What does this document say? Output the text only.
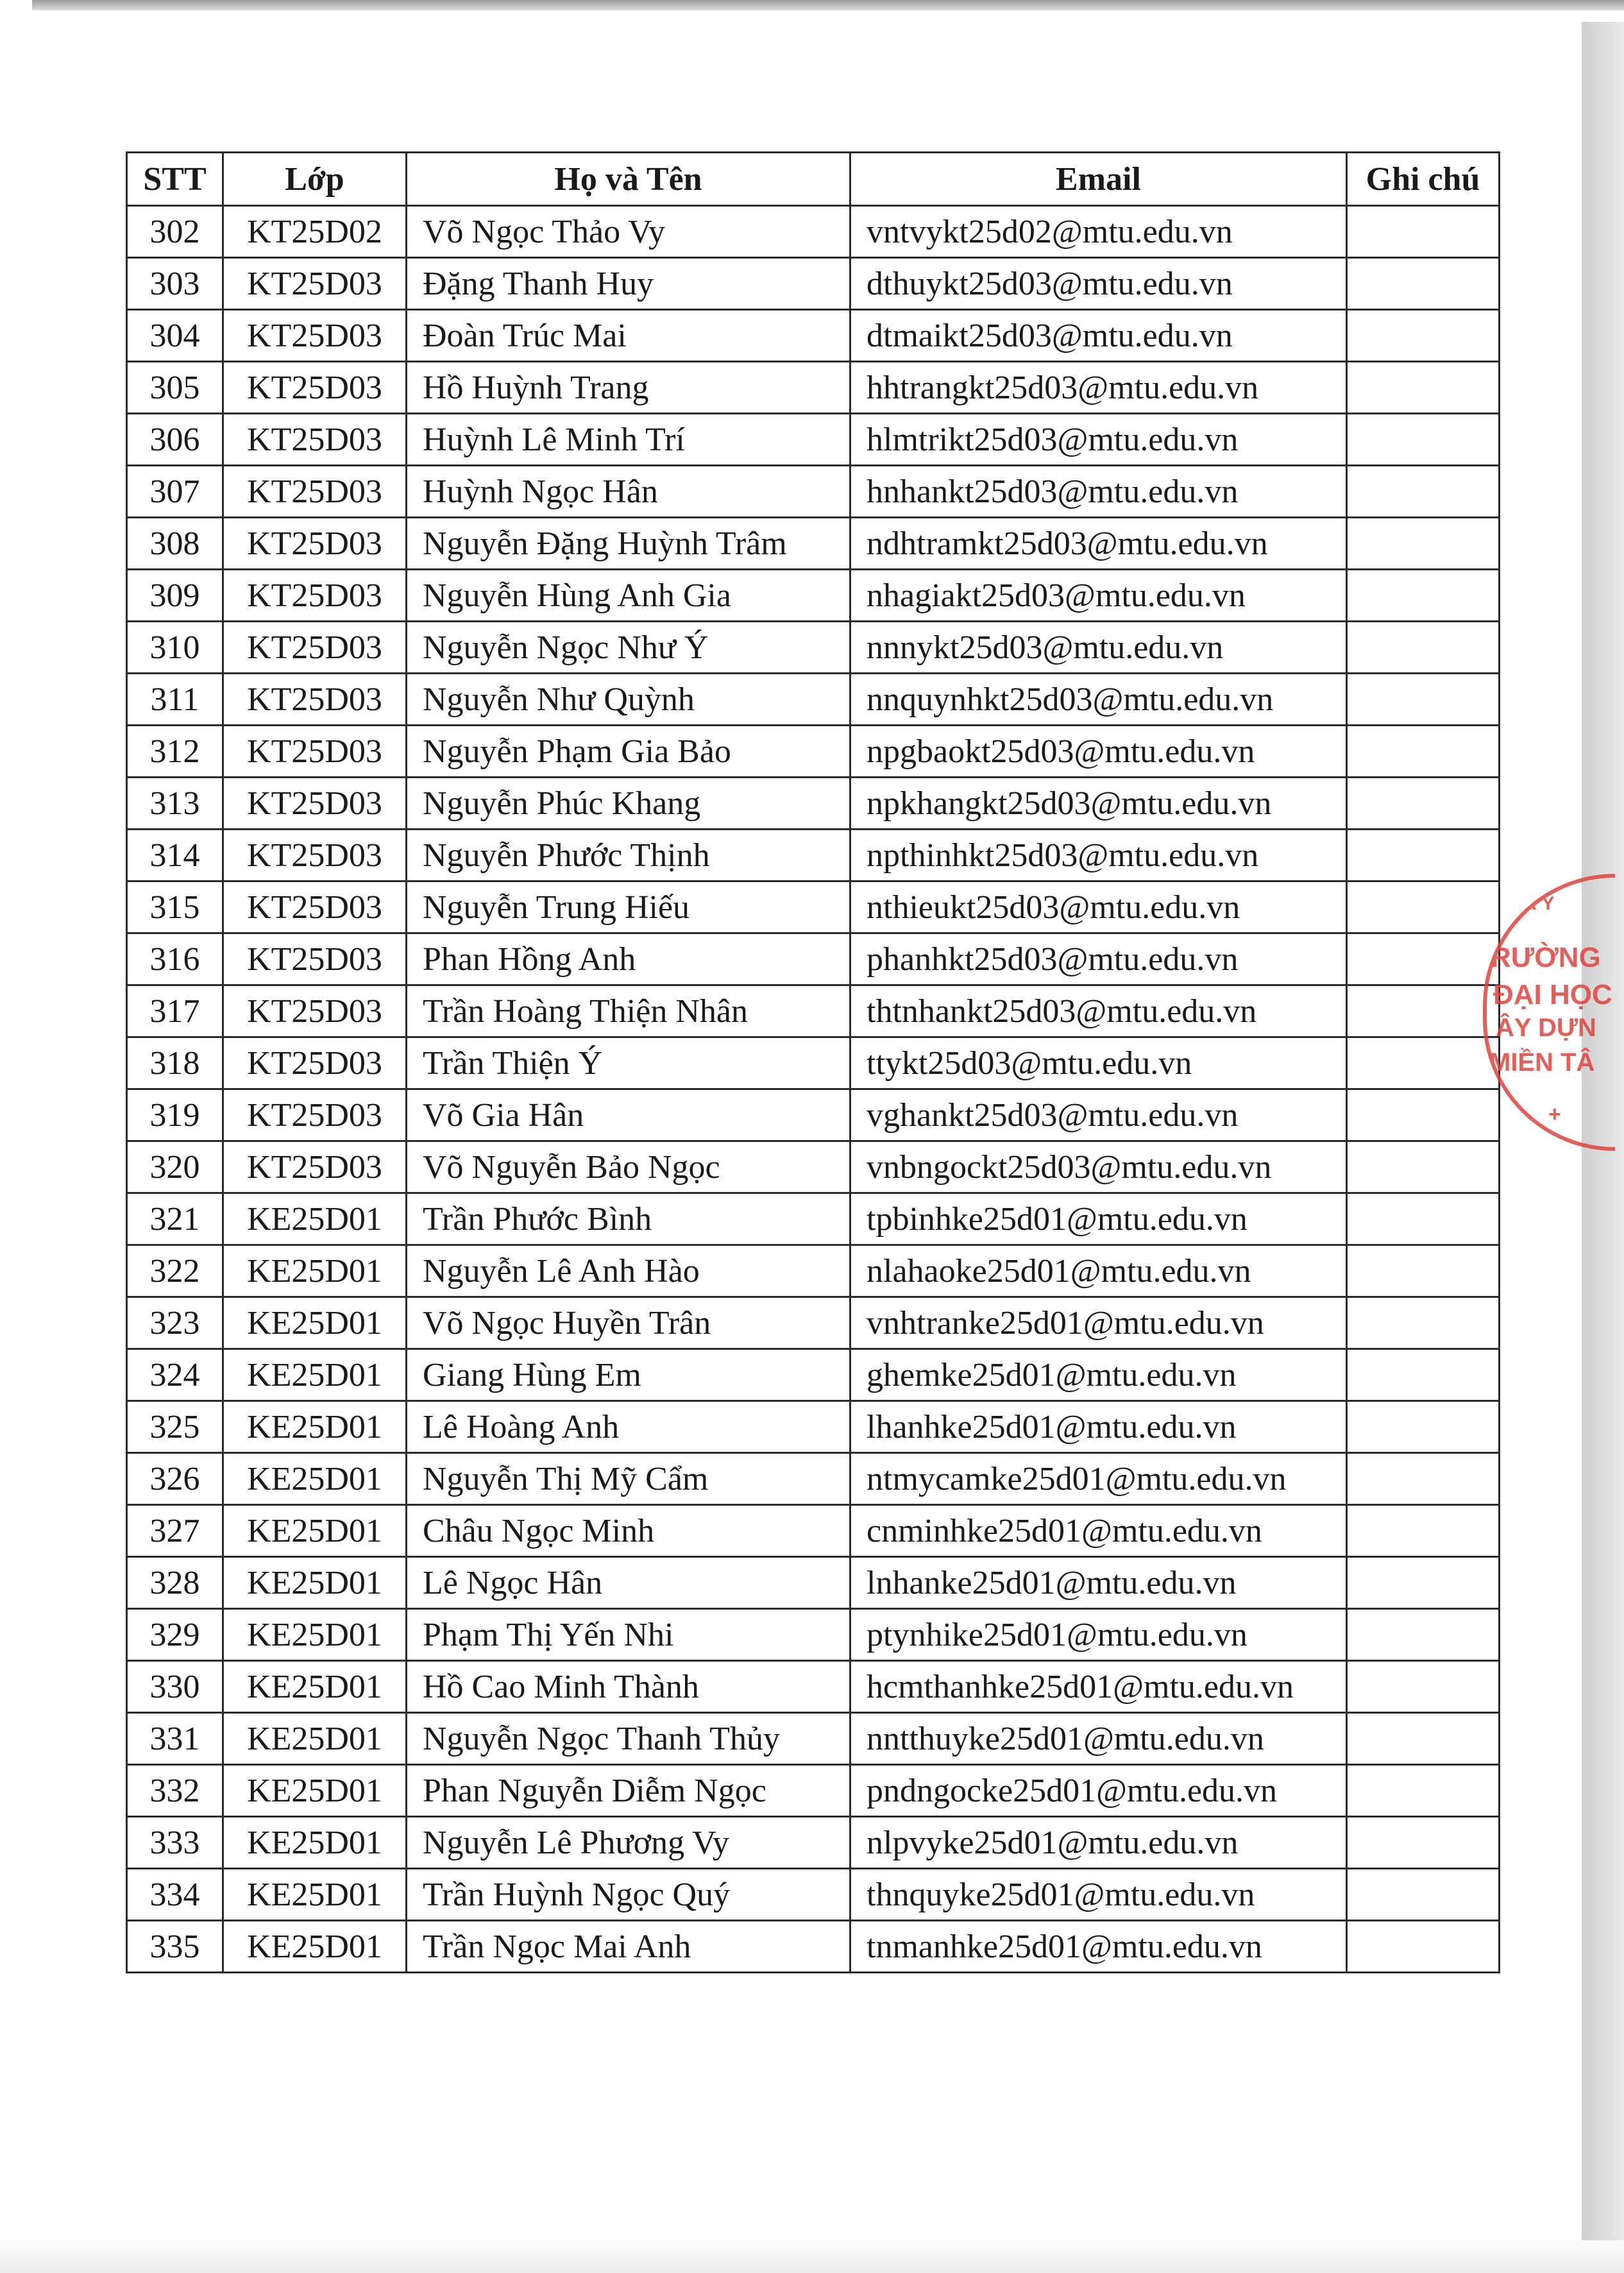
STT	Lớp	Họ và Tên	Email	Ghi chú
302	KT25D02	Võ Ngọc Thảo Vy	vntvykt25d02@mtu.edu.vn	
303	KT25D03	Đặng Thanh Huy	dthuykt25d03@mtu.edu.vn	
304	KT25D03	Đoàn Trúc Mai	dtmaikt25d03@mtu.edu.vn	
305	KT25D03	Hồ Huỳnh Trang	hhtrangkt25d03@mtu.edu.vn	
306	KT25D03	Huỳnh Lê Minh Trí	hlmtrikt25d03@mtu.edu.vn	
307	KT25D03	Huỳnh Ngọc Hân	hnhankt25d03@mtu.edu.vn	
308	KT25D03	Nguyễn Đặng Huỳnh Trâm	ndhtramkt25d03@mtu.edu.vn	
309	KT25D03	Nguyễn Hùng Anh Gia	nhagiakt25d03@mtu.edu.vn	
310	KT25D03	Nguyễn Ngọc Như Ý	nnnykt25d03@mtu.edu.vn	
311	KT25D03	Nguyễn Như Quỳnh	nnquynhkt25d03@mtu.edu.vn	
312	KT25D03	Nguyễn Phạm Gia Bảo	npgbaokt25d03@mtu.edu.vn	
313	KT25D03	Nguyễn Phúc Khang	npkhangkt25d03@mtu.edu.vn	
314	KT25D03	Nguyễn Phước Thịnh	npthinhkt25d03@mtu.edu.vn	
315	KT25D03	Nguyễn Trung Hiếu	nthieukt25d03@mtu.edu.vn	
316	KT25D03	Phan Hồng Anh	phanhkt25d03@mtu.edu.vn	
317	KT25D03	Trần Hoàng Thiện Nhân	thtnhankt25d03@mtu.edu.vn	
318	KT25D03	Trần Thiện Ý	ttykt25d03@mtu.edu.vn	
319	KT25D03	Võ Gia Hân	vghankt25d03@mtu.edu.vn	
320	KT25D03	Võ Nguyễn Bảo Ngọc	vnbngockt25d03@mtu.edu.vn	
321	KE25D01	Trần Phước Bình	tpbinhke25d01@mtu.edu.vn	
322	KE25D01	Nguyễn Lê Anh Hào	nlahaoke25d01@mtu.edu.vn	
323	KE25D01	Võ Ngọc Huyền Trân	vnhtranke25d01@mtu.edu.vn	
324	KE25D01	Giang Hùng Em	ghemke25d01@mtu.edu.vn	
325	KE25D01	Lê Hoàng Anh	lhanhke25d01@mtu.edu.vn	
326	KE25D01	Nguyễn Thị Mỹ Cẩm	ntmycamke25d01@mtu.edu.vn	
327	KE25D01	Châu Ngọc Minh	cnminhke25d01@mtu.edu.vn	
328	KE25D01	Lê Ngọc Hân	lnhanke25d01@mtu.edu.vn	
329	KE25D01	Phạm Thị Yến Nhi	ptynhike25d01@mtu.edu.vn	
330	KE25D01	Hồ Cao Minh Thành	hcmthanhke25d01@mtu.edu.vn	
331	KE25D01	Nguyễn Ngọc Thanh Thủy	nntthuyke25d01@mtu.edu.vn	
332	KE25D01	Phan Nguyễn Diễm Ngọc	pndngocke25d01@mtu.edu.vn	
333	KE25D01	Nguyễn Lê Phương Vy	nlpvyke25d01@mtu.edu.vn	
334	KE25D01	Trần Huỳnh Ngọc Quý	thnquyke25d01@mtu.edu.vn	
335	KE25D01	Trần Ngọc Mai Anh	tnmanhke25d01@mtu.edu.vn	
À Y
RƯỜNG
ĐẠI HỌC
ÂY DỰN
MIỀN TÂ
+
